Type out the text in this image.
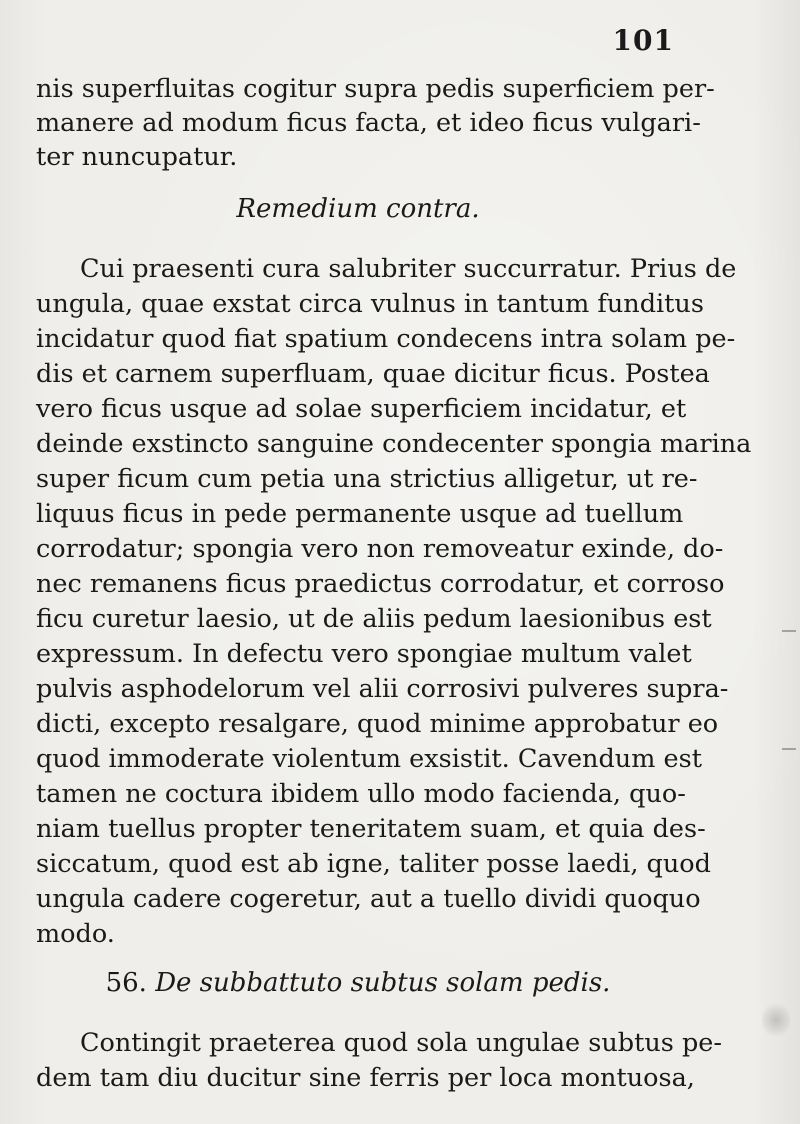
101
nis superfluitas cogitur supra pedis superficiem per-
manere ad modum ficus facta, et ideo ficus vulgari-
ter nuncupatur.
Remedium contra.
Cui praesenti cura salubriter succurratur. Prius de
ungula, quae exstat circa vulnus in tantum funditus
incidatur quod fiat spatium condecens intra solam pe-
dis et carnem superfluam, quae dicitur ficus. Postea
vero ficus usque ad solae superficiem incidatur, et
deinde exstincto sanguine condecenter spongia marina
super ficum cum petia una strictius alligetur, ut re-
liquus ficus in pede permanente usque ad tuellum
corrodatur; spongia vero non removeatur exinde, do-
nec remanens ficus praedictus corrodatur, et corroso
ficu curetur laesio, ut de aliis pedum laesionibus est
expressum. In defectu vero spongiae multum valet
pulvis asphodelorum vel alii corrosivi pulveres supra-
dicti, excepto resalgare, quod minime approbatur eo
quod immoderate violentum exsistit. Cavendum est
tamen ne coctura ibidem ullo modo facienda, quo-
niam tuellus propter teneritatem suam, et quia des-
siccatum, quod est ab igne, taliter posse laedi, quod
ungula cadere cogeretur, aut a tuello dividi quoquo
modo.
56. De subbattuto subtus solam pedis.
Contingit praeterea quod sola ungulae subtus pe-
dem tam diu ducitur sine ferris per loca montuosa,
